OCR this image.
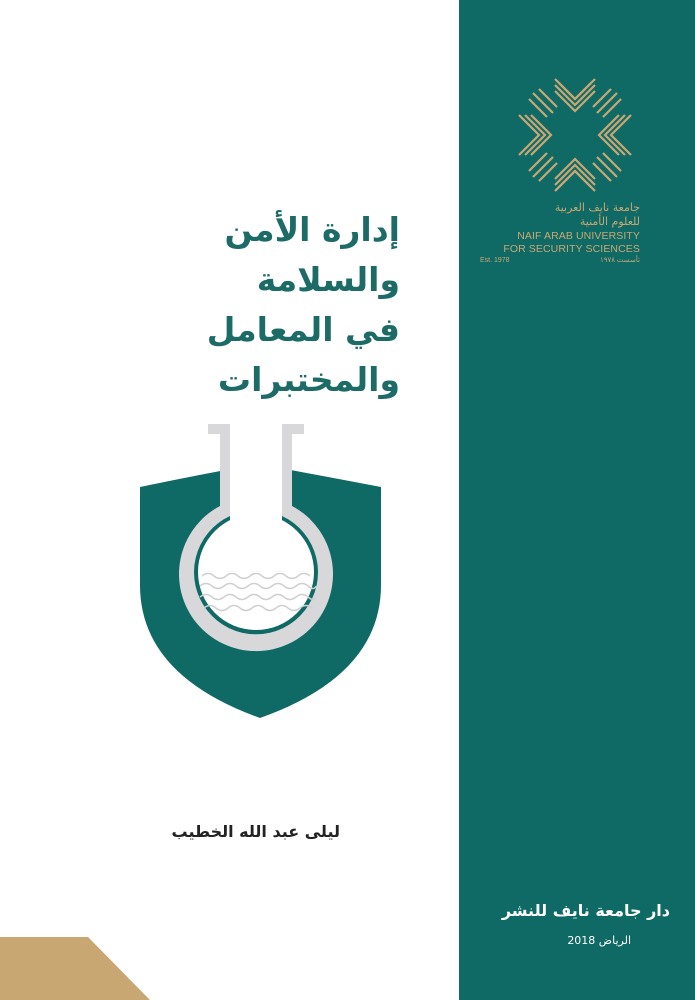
جامعة نايف العربية
للعلوم الأمنية
NAIF ARAB UNIVERSITY
FOR SECURITY SCIENCES
Est. 1978	تأسست ١٩٧٨
إدارة الأمن والسلامة
في المعامل والمختبرات
ليلى عبد الله الخطيب
دار جامعة نايف للنشر
الرياض 2018
